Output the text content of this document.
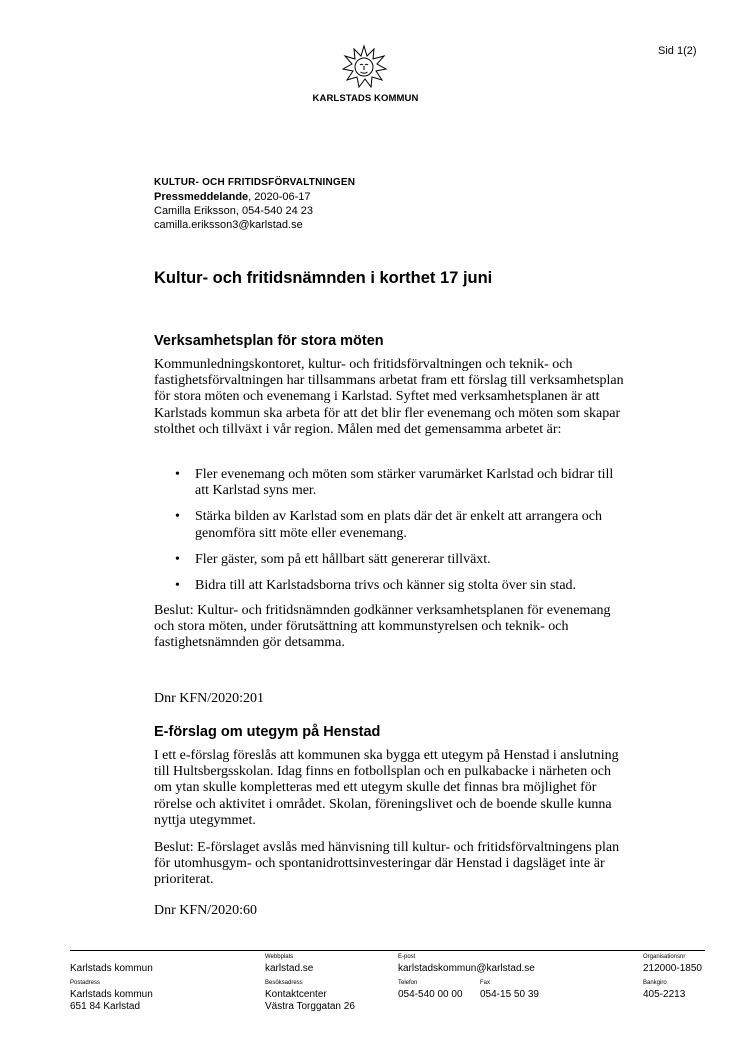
Sid 1(2)
KARLSTADS KOMMUN
KULTUR- OCH FRITIDSFÖRVALTNINGEN
Pressmeddelande, 2020-06-17
Camilla Eriksson, 054-540 24 23
camilla.eriksson3@karlstad.se
Kultur- och fritidsnämnden i korthet 17 juni
Verksamhetsplan för stora möten

Kommunledningskontoret, kultur- och fritidsförvaltningen och teknik- och fastighetsförvaltningen har tillsammans arbetat fram ett förslag till verksamhetsplan för stora möten och evenemang i Karlstad. Syftet med verksamhetsplanen är att Karlstads kommun ska arbeta för att det blir fler evenemang och möten som skapar stolthet och tillväxt i vår region. Målen med det gemensamma arbetet är:

• Fler evenemang och möten som stärker varumärket Karlstad och bidrar till att Karlstad syns mer.
• Stärka bilden av Karlstad som en plats där det är enkelt att arrangera och genomföra sitt möte eller evenemang.
• Fler gäster, som på ett hållbart sätt genererar tillväxt.
• Bidra till att Karlstadsborna trivs och känner sig stolta över sin stad.

Beslut: Kultur- och fritidsnämnden godkänner verksamhetsplanen för evenemang och stora möten, under förutsättning att kommunstyrelsen och teknik- och fastighetsnämnden gör detsamma.

Dnr KFN/2020:201

E-förslag om utegym på Henstad

I ett e-förslag föreslås att kommunen ska bygga ett utegym på Henstad i anslutning till Hultsbergsskolan. Idag finns en fotbollsplan och en pulkabacke i närheten och om ytan skulle kompletteras med ett utegym skulle det finnas bra möjlighet för rörelse och aktivitet i området. Skolan, föreningslivet och de boende skulle kunna nyttja utegymmet.

Beslut: E-förslaget avslås med hänvisning till kultur- och fritidsförvaltningens plan för utomhusgym- och spontanidrottsinvesteringar där Henstad i dagsläget inte är prioriterat.

Dnr KFN/2020:60

Karlstads kommun
Webbplats
karlstad.se
E-post
karlstadskommun@karlstad.se
Organisationsnr
212000-1850
Postadress
Karlstads kommun
651 84 Karlstad
Besöksadress
Kontaktcenter
Västra Torggatan 26
Telefon
054-540 00 00
Fax
054-15 50 39
Bankgiro
405-2213
